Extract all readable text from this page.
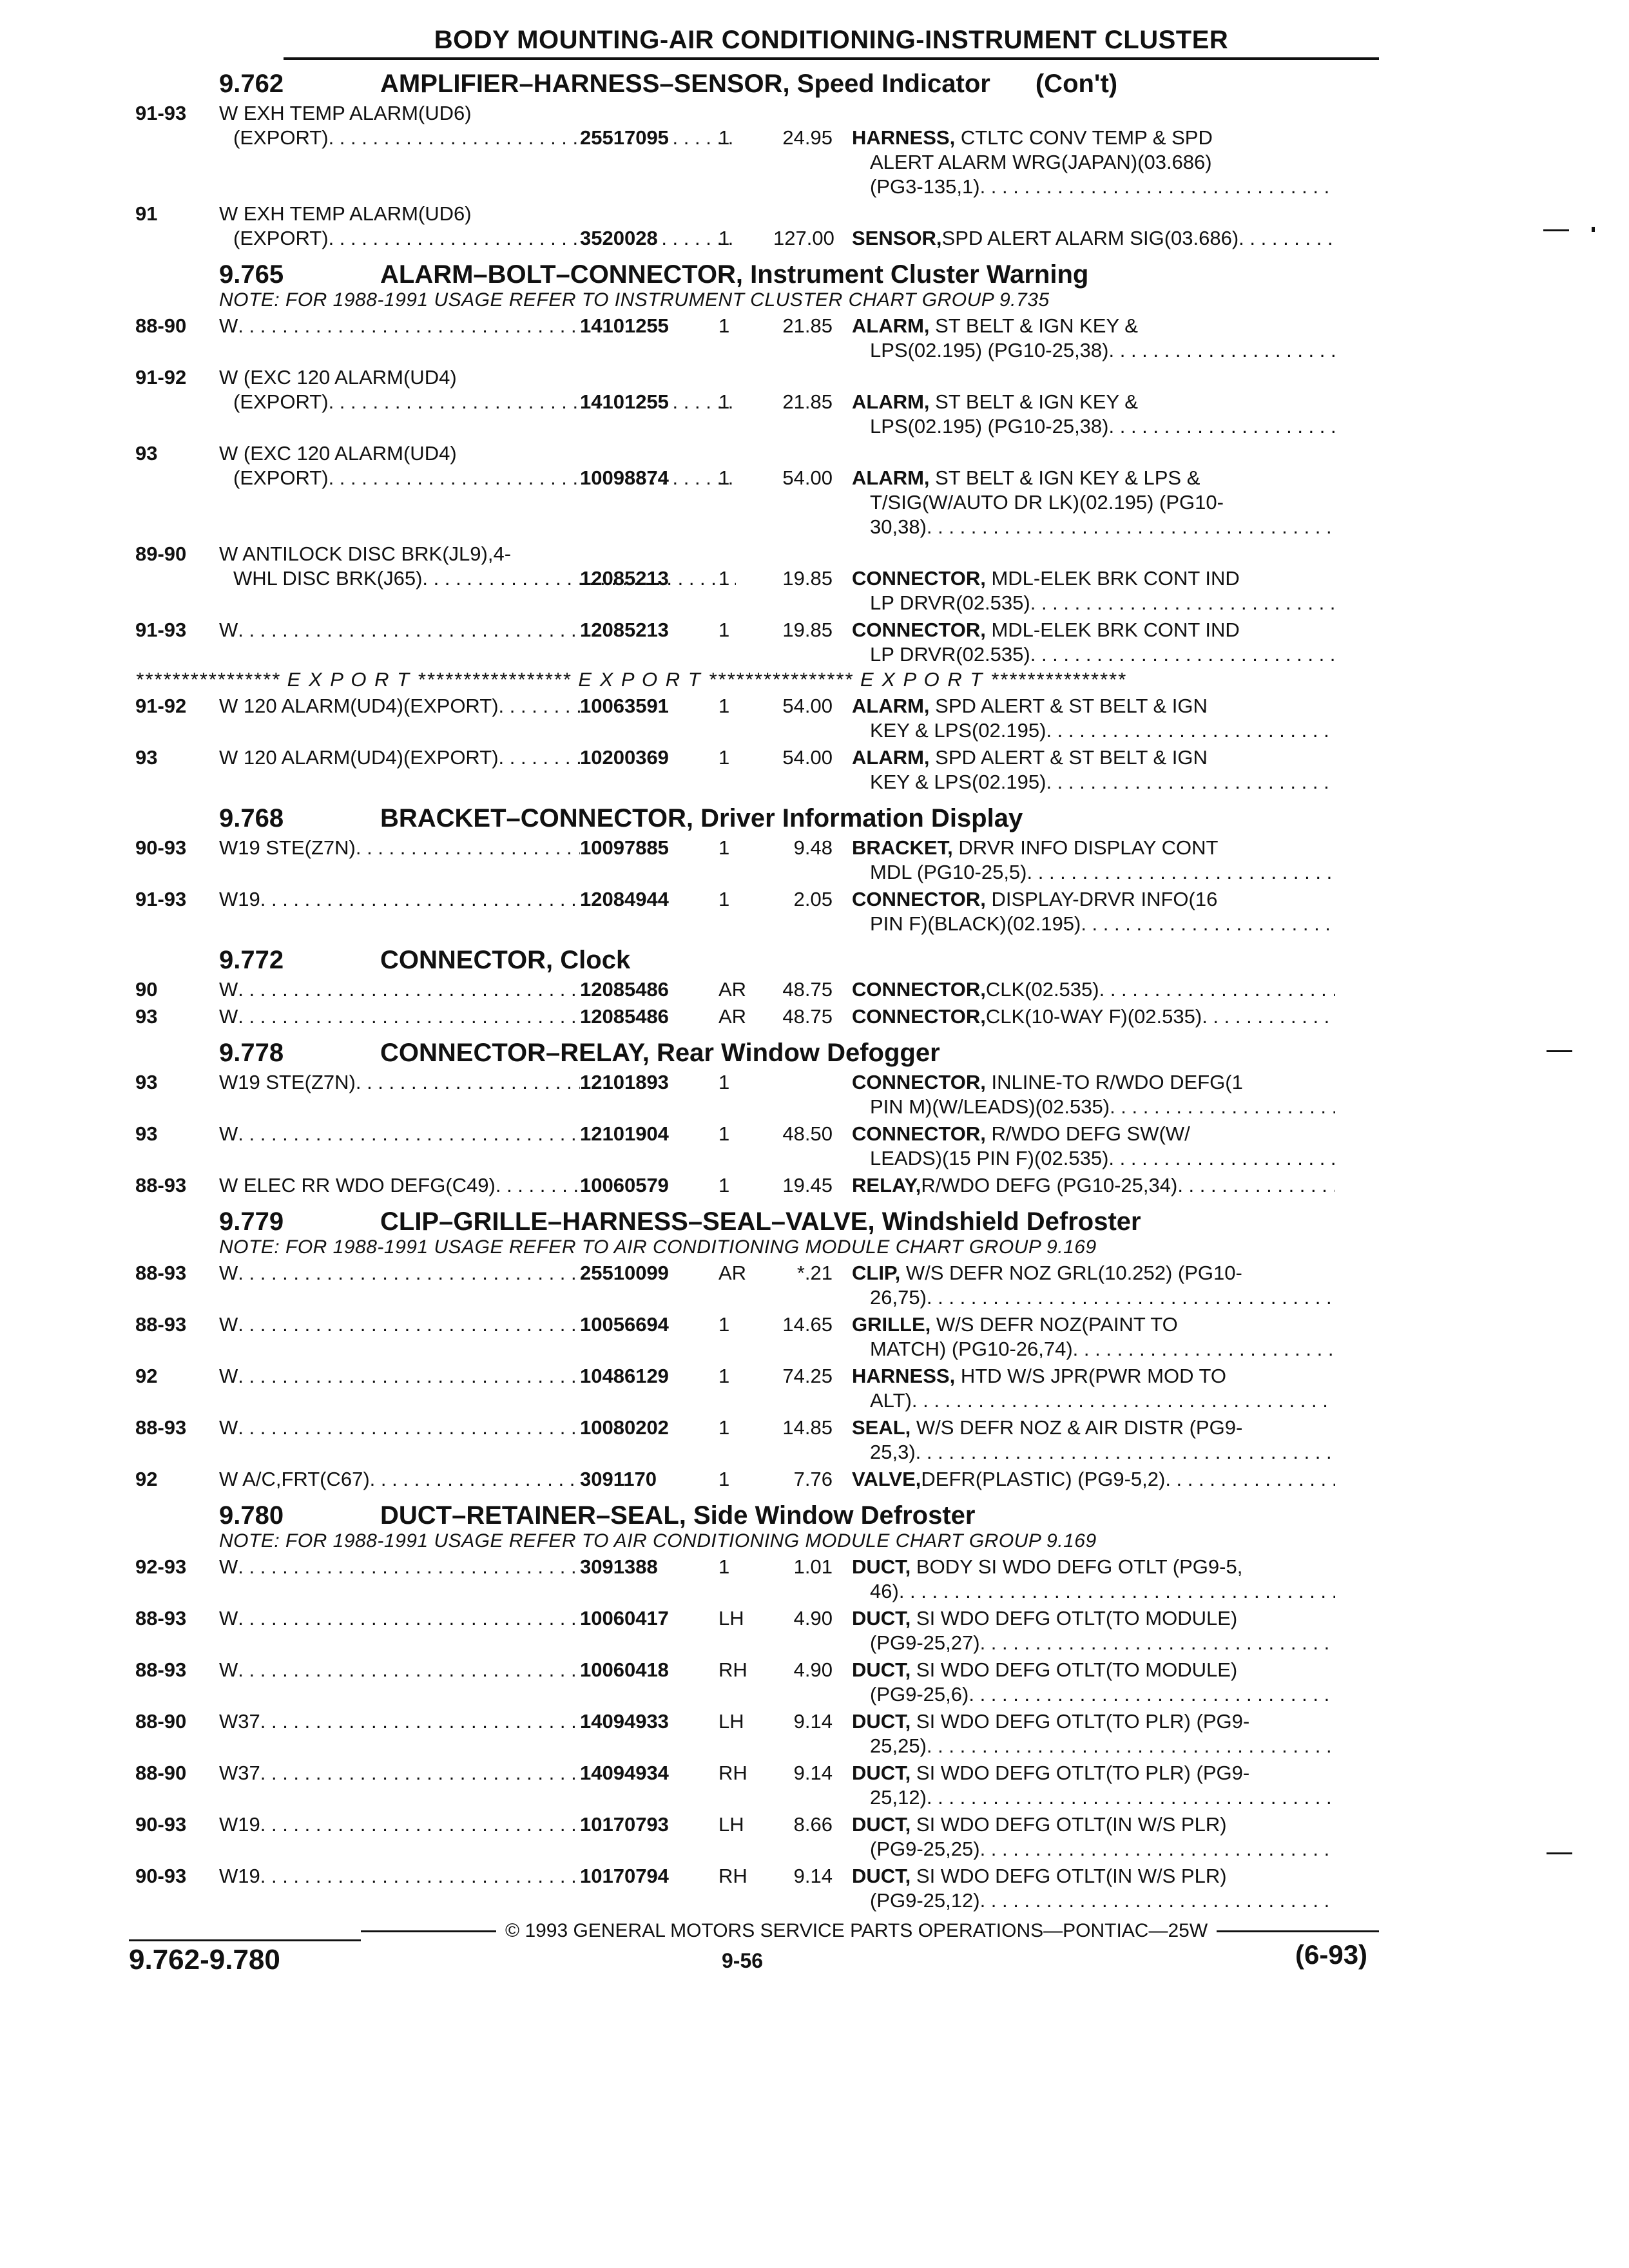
BODY MOUNTING-AIR CONDITIONING-INSTRUMENT CLUSTER
9.762	AMPLIFIER–HARNESS–SENSOR,
Speed Indicator (Con't)
91-93	W EXH TEMP ALARM(UD6)
(EXPORT) . . .	25517095 1	24.95 HARNESS, CTLTC CONV TEMP & SPD
ALERT ALARM WRG(JAPAN)(03.686)
(PG3-135,1)
. . .
91	W EXH TEMP ALARM(UD6)
(EXPORT) . . .	3520028	1 127.00 SENSOR, SPD ALERT ALARM SIG(03.686)
. . .
9.765	ALARM–BOLT–CONNECTOR,
Instrument Cluster Warning
NOTE: FOR 1988-1991 USAGE REFER TO INSTRUMENT CLUSTER CHART GROUP 9.735
88-90	W . . .	14101255 1	21.85 ALARM, ST BELT & IGN KEY &
LPS(02.195) (PG10-25,38)
. . .
91-92	W (EXC 120 ALARM(UD4)
(EXPORT) . . .	14101255 1	21.85 ALARM, ST BELT & IGN KEY &
LPS(02.195) (PG10-25,38)
. . .
93	W (EXC 120 ALARM(UD4)
(EXPORT) . . .	10098874 1	54.00 ALARM, ST BELT & IGN KEY & LPS &
T/SIG(W/AUTO DR LK)(02.195) (PG10-
30,38)
. . .
89-90	W ANTILOCK DISC BRK(JL9),4-
WHL DISC BRK(J65) . . .	12085213 1	19.85 CONNECTOR, MDL-ELEK BRK CONT IND
LP DRVR(02.535)
. . .
91-93	W . . .	12085213 1	19.85 CONNECTOR, MDL-ELEK BRK CONT IND
LP DRVR(02.535)
. . .
**************** E X P O R T ***************** E X P O R T **************** E X P O R T ***************
91-92	W 120 ALARM(UD4)(EXPORT) . . .	10063591 1	54.00 ALARM, SPD ALERT & ST BELT & IGN
KEY & LPS(02.195)
. . .
93	W 120 ALARM(UD4)(EXPORT) . . .	10200369 1	54.00 ALARM, SPD ALERT & ST BELT & IGN
KEY & LPS(02.195)
. . .
9.768	BRACKET–CONNECTOR,
Driver Information Display
90-93	W19 STE(Z7N) . . .	10097885 1	9.48 BRACKET, DRVR INFO DISPLAY CONT
MDL (PG10-25,5)
. . .
91-93	W19 . . .	12084944 1	2.05 CONNECTOR, DISPLAY-DRVR INFO(16
PIN F)(BLACK)(02.195)
. . .
9.772	CONNECTOR,
Clock
90	W . . .	12085486 AR	48.75 CONNECTOR, CLK(02.535)
. . .
93	W . . .	12085486 AR	48.75 CONNECTOR, CLK(10-WAY F)(02.535)
. . .
9.778	CONNECTOR–RELAY,
Rear Window Defogger
93	W19 STE(Z7N) . . .	12101893 1	CONNECTOR, INLINE-TO R/WDO DEFG(1
PIN M)(W/LEADS)(02.535)
. . .
93	W . . .	12101904 1	48.50 CONNECTOR, R/WDO DEFG SW(W/
LEADS)(15 PIN F)(02.535)
. . .
88-93	W ELEC RR WDO DEFG(C49) . . .	10060579 1	19.45 RELAY, R/WDO DEFG (PG10-25,34)
. . .
9.779	CLIP–GRILLE–HARNESS–SEAL–VALVE,
Windshield Defroster
NOTE: FOR 1988-1991 USAGE REFER TO AIR CONDITIONING MODULE CHART GROUP 9.169
88-93	W . . .	25510099 AR	*.21 CLIP, W/S DEFR NOZ GRL(10.252) (PG10-
26,75)
. . .
88-93	W . . .	10056694 1	14.65 GRILLE, W/S DEFR NOZ(PAINT TO
MATCH) (PG10-26,74)
. . .
92	W . . .	10486129 1	74.25 HARNESS, HTD W/S JPR(PWR MOD TO
ALT)
. . .
88-93	W . . .	10080202 1	14.85 SEAL, W/S DEFR NOZ & AIR DISTR (PG9-
25,3)
. . .
92	W A/C,FRT(C67) . . .	3091170	1	7.76 VALVE, DEFR(PLASTIC) (PG9-5,2)
. . .
9.780	DUCT–RETAINER–SEAL,
Side Window Defroster
NOTE: FOR 1988-1991 USAGE REFER TO AIR CONDITIONING MODULE CHART GROUP 9.169
92-93	W . . .	3091388	1	1.01 DUCT, BODY SI WDO DEFG OTLT (PG9-5,
46)
. . .
88-93	W . . .	10060417 LH	4.90 DUCT, SI WDO DEFG OTLT(TO MODULE)
(PG9-25,27)
. . .
88-93	W . . .	10060418 RH	4.90 DUCT, SI WDO DEFG OTLT(TO MODULE)
(PG9-25,6)
. . .
88-90	W37 . . .	14094933 LH	9.14 DUCT, SI WDO DEFG OTLT(TO PLR) (PG9-
25,25)
. . .
88-90	W37 . . .	14094934 RH	9.14 DUCT, SI WDO DEFG OTLT(TO PLR) (PG9-
25,12)
. . .
90-93	W19 . . .	10170793 LH	8.66 DUCT, SI WDO DEFG OTLT(IN W/S PLR)
(PG9-25,25)
. . .
90-93	W19 . . .	10170794 RH	9.14 DUCT, SI WDO DEFG OTLT(IN W/S PLR)
(PG9-25,12)
. . .
© 1993 GENERAL MOTORS SERVICE PARTS OPERATIONS—PONTIAC—25W
9.762-9.780	9-56	(6-93)
